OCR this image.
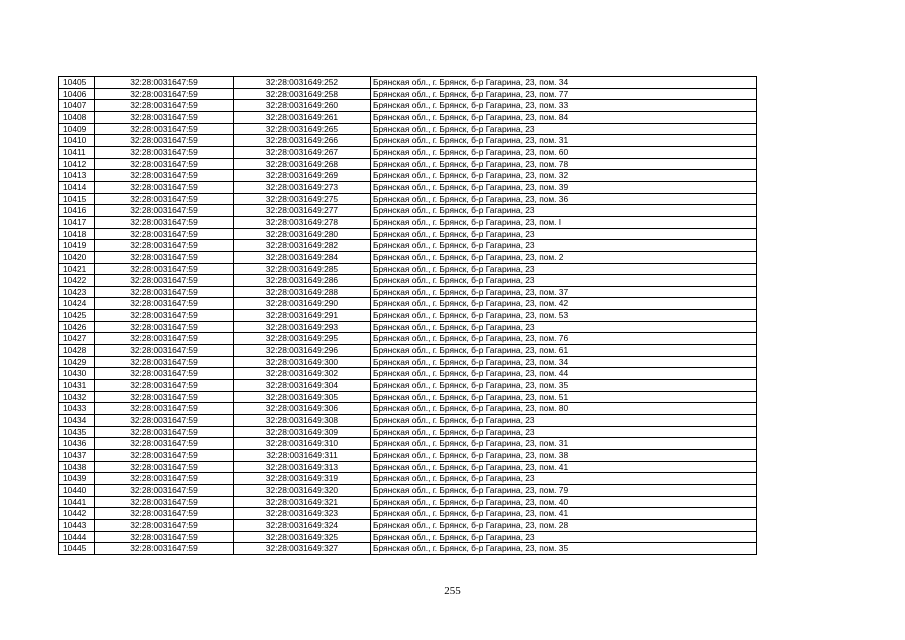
10405	32:28:0031647:59	32:28:0031649:252	Брянская обл., г. Брянск, б-р Гагарина, 23, пом. 34
10406	32:28:0031647:59	32:28:0031649:258	Брянская обл., г. Брянск, б-р Гагарина, 23, пом. 77
10407	32:28:0031647:59	32:28:0031649:260	Брянская обл., г. Брянск, б-р Гагарина, 23, пом. 33
10408	32:28:0031647:59	32:28:0031649:261	Брянская обл., г. Брянск, б-р Гагарина, 23, пом. 84
10409	32:28:0031647:59	32:28:0031649:265	Брянская обл., г. Брянск, б-р Гагарина, 23
10410	32:28:0031647:59	32:28:0031649:266	Брянская обл., г. Брянск, б-р Гагарина, 23, пом. 31
10411	32:28:0031647:59	32:28:0031649:267	Брянская обл., г. Брянск, б-р Гагарина, 23, пом. 60
10412	32:28:0031647:59	32:28:0031649:268	Брянская обл., г. Брянск, б-р Гагарина, 23, пом. 78
10413	32:28:0031647:59	32:28:0031649:269	Брянская обл., г. Брянск, б-р Гагарина, 23, пом. 32
10414	32:28:0031647:59	32:28:0031649:273	Брянская обл., г. Брянск, б-р Гагарина, 23, пом. 39
10415	32:28:0031647:59	32:28:0031649:275	Брянская обл., г. Брянск, б-р Гагарина, 23, пом. 36
10416	32:28:0031647:59	32:28:0031649:277	Брянская обл., г. Брянск, б-р Гагарина, 23
10417	32:28:0031647:59	32:28:0031649:278	Брянская обл., г. Брянск, б-р Гагарина, 23, пом. I
10418	32:28:0031647:59	32:28:0031649:280	Брянская обл., г. Брянск, б-р Гагарина, 23
10419	32:28:0031647:59	32:28:0031649:282	Брянская обл., г. Брянск, б-р Гагарина, 23
10420	32:28:0031647:59	32:28:0031649:284	Брянская обл., г. Брянск, б-р Гагарина, 23, пом. 2
10421	32:28:0031647:59	32:28:0031649:285	Брянская обл., г. Брянск, б-р Гагарина, 23
10422	32:28:0031647:59	32:28:0031649:286	Брянская обл., г. Брянск, б-р Гагарина, 23
10423	32:28:0031647:59	32:28:0031649:288	Брянская обл., г. Брянск, б-р Гагарина, 23, пом. 37
10424	32:28:0031647:59	32:28:0031649:290	Брянская обл., г. Брянск, б-р Гагарина, 23, пом. 42
10425	32:28:0031647:59	32:28:0031649:291	Брянская обл., г. Брянск, б-р Гагарина, 23, пом. 53
10426	32:28:0031647:59	32:28:0031649:293	Брянская обл., г. Брянск, б-р Гагарина, 23
10427	32:28:0031647:59	32:28:0031649:295	Брянская обл., г. Брянск, б-р Гагарина, 23, пом. 76
10428	32:28:0031647:59	32:28:0031649:296	Брянская обл., г. Брянск, б-р Гагарина, 23, пом. 61
10429	32:28:0031647:59	32:28:0031649:300	Брянская обл., г. Брянск, б-р Гагарина, 23, пом. 34
10430	32:28:0031647:59	32:28:0031649:302	Брянская обл., г. Брянск, б-р Гагарина, 23, пом. 44
10431	32:28:0031647:59	32:28:0031649:304	Брянская обл., г. Брянск, б-р Гагарина, 23, пом. 35
10432	32:28:0031647:59	32:28:0031649:305	Брянская обл., г. Брянск, б-р Гагарина, 23, пом. 51
10433	32:28:0031647:59	32:28:0031649:306	Брянская обл., г. Брянск, б-р Гагарина, 23, пом. 80
10434	32:28:0031647:59	32:28:0031649:308	Брянская обл., г. Брянск, б-р Гагарина, 23
10435	32:28:0031647:59	32:28:0031649:309	Брянская обл., г. Брянск, б-р Гагарина, 23
10436	32:28:0031647:59	32:28:0031649:310	Брянская обл., г. Брянск, б-р Гагарина, 23, пом. 31
10437	32:28:0031647:59	32:28:0031649:311	Брянская обл., г. Брянск, б-р Гагарина, 23, пом. 38
10438	32:28:0031647:59	32:28:0031649:313	Брянская обл., г. Брянск, б-р Гагарина, 23, пом. 41
10439	32:28:0031647:59	32:28:0031649:319	Брянская обл., г. Брянск, б-р Гагарина, 23
10440	32:28:0031647:59	32:28:0031649:320	Брянская обл., г. Брянск, б-р Гагарина, 23, пом. 79
10441	32:28:0031647:59	32:28:0031649:321	Брянская обл., г. Брянск, б-р Гагарина, 23, пом. 40
10442	32:28:0031647:59	32:28:0031649:323	Брянская обл., г. Брянск, б-р Гагарина, 23, пом. 41
10443	32:28:0031647:59	32:28:0031649:324	Брянская обл., г. Брянск, б-р Гагарина, 23, пом. 28
10444	32:28:0031647:59	32:28:0031649:325	Брянская обл., г. Брянск, б-р Гагарина, 23
10445	32:28:0031647:59	32:28:0031649:327	Брянская обл., г. Брянск, б-р Гагарина, 23, пом. 35
255
